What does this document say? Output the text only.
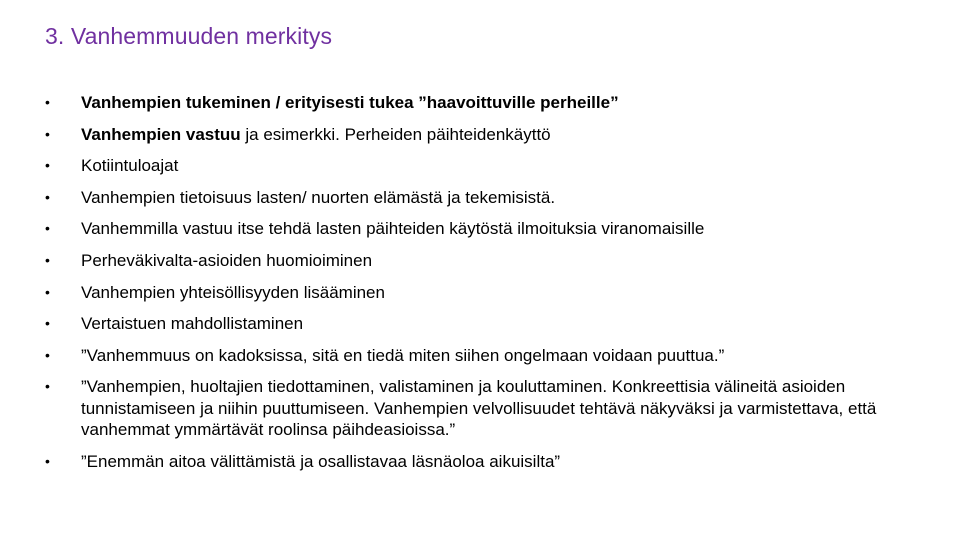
3. Vanhemmuuden merkitys
• Vanhempien tukeminen / erityisesti tukea ”haavoittuville perheille”
• Vanhempien vastuu ja esimerkki. Perheiden päihteidenkäyttö
• Kotiintuloajat
• Vanhempien tietoisuus lasten/ nuorten elämästä ja tekemisistä.
• Vanhemmilla vastuu itse tehdä lasten päihteiden käytöstä ilmoituksia viranomaisille
• Perheväkivalta-asioiden huomioiminen
• Vanhempien yhteisöllisyyden lisääminen
• Vertaistuen mahdollistaminen
• ”Vanhemmuus on kadoksissa, sitä en tiedä miten siihen ongelmaan voidaan puuttua.”
• ”Vanhempien, huoltajien tiedottaminen, valistaminen ja kouluttaminen. Konkreettisia välineitä asioiden tunnistamiseen ja niihin puuttumiseen. Vanhempien velvollisuudet tehtävä näkyväksi ja varmistettava, että vanhemmat ymmärtävät roolinsa päihdeasioissa.”
• ”Enemmän aitoa välittämistä ja osallistavaa läsnäoloa aikuisilta”
